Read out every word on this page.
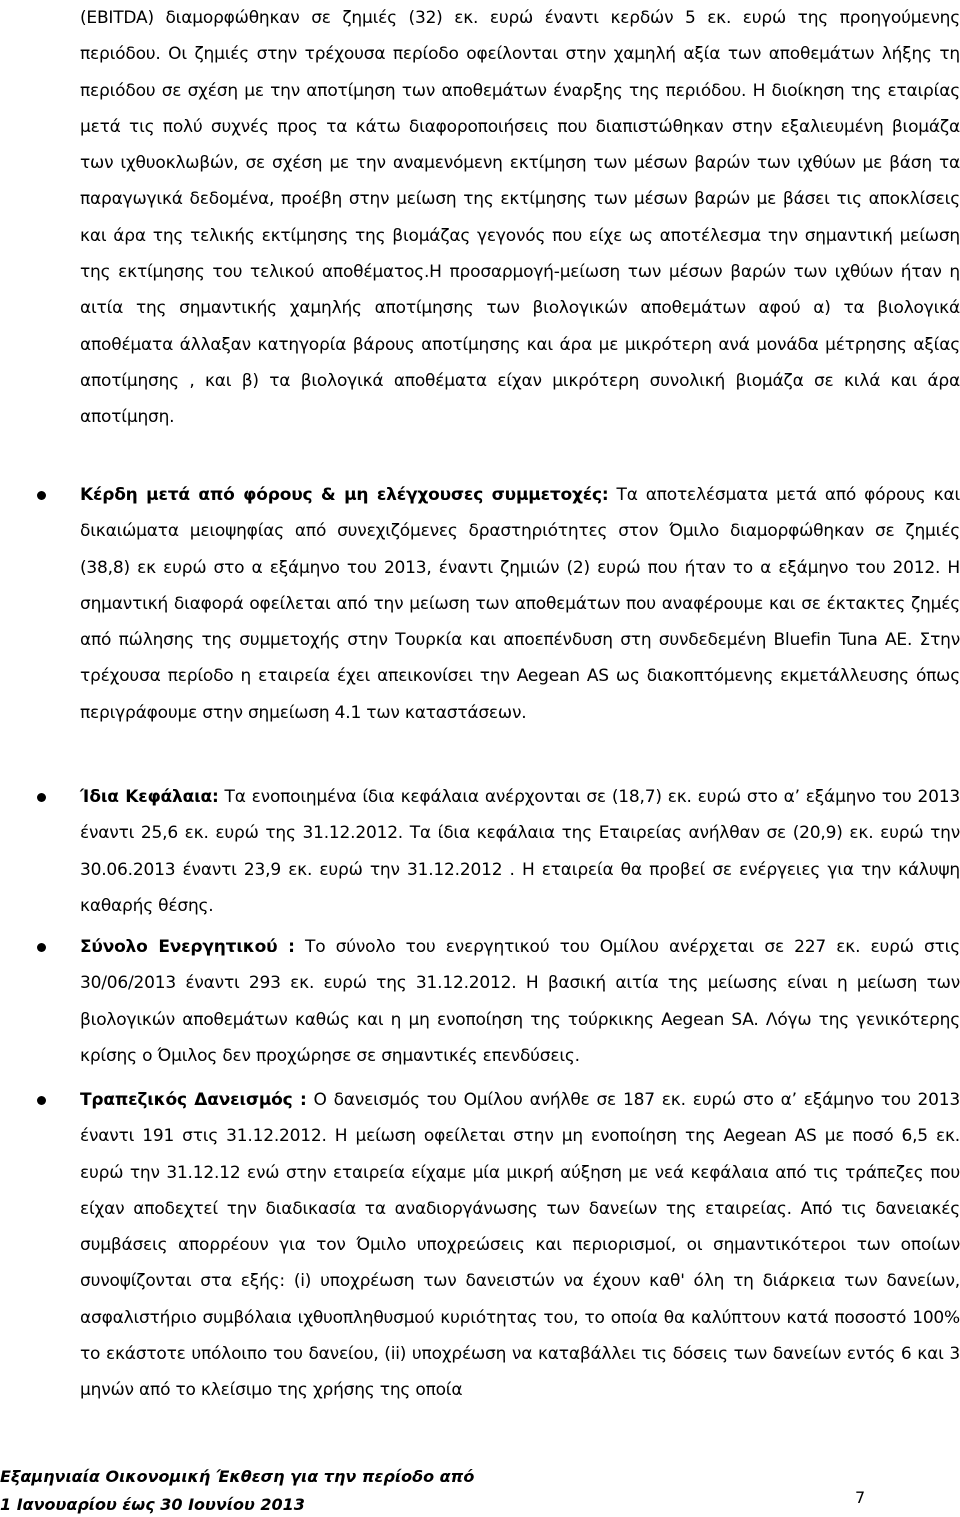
(EBITDA) διαμορφώθηκαν σε ζημιές (32) εκ. ευρώ έναντι κερδών 5 εκ. ευρώ της προηγούμενης περιόδου. Οι ζημιές στην τρέχουσα περίοδο οφείλονται στην χαμηλή αξία των αποθεμάτων λήξης τη περιόδου σε σχέση με την αποτίμηση των αποθεμάτων έναρξης της περιόδου. Η διοίκηση της εταιρίας μετά τις πολύ συχνές προς τα κάτω διαφοροποιήσεις που διαπιστώθηκαν στην εξαλιευμένη βιομάζα των ιχθυοκλωβών, σε σχέση με την αναμενόμενη εκτίμηση των μέσων βαρών των ιχθύων με βάση τα παραγωγικά δεδομένα, προέβη στην μείωση της εκτίμησης των μέσων βαρών με βάσει τις αποκλίσεις και άρα της τελικής εκτίμησης της βιομάζας γεγονός που είχε ως αποτέλεσμα την σημαντική μείωση της εκτίμησης του τελικού αποθέματος.Η προσαρμογή-μείωση των μέσων βαρών των ιχθύων ήταν η αιτία της σημαντικής χαμηλής αποτίμησης των βιολογικών αποθεμάτων αφού α) τα βιολογικά αποθέματα άλλαξαν κατηγορία βάρους αποτίμησης και άρα με μικρότερη ανά μονάδα μέτρησης αξίας αποτίμησης , και β) τα βιολογικά αποθέματα είχαν μικρότερη συνολική βιομάζα σε κιλά και άρα αποτίμηση.

Κέρδη μετά από φόρους & μη ελέγχουσες συμμετοχές: Τα αποτελέσματα μετά από φόρους και δικαιώματα μειοψηφίας από συνεχιζόμενες δραστηριότητες στον Όμιλο διαμορφώθηκαν σε ζημιές (38,8) εκ ευρώ στο α εξάμηνο του 2013, έναντι ζημιών (2) ευρώ που ήταν το α εξάμηνο του 2012. Η σημαντική διαφορά οφείλεται από την μείωση των αποθεμάτων που αναφέρουμε και σε έκτακτες ζημές από πώλησης της συμμετοχής στην Τουρκία και αποεπένδυση στη συνδεδεμένη Bluefin Tuna AE. Στην τρέχουσα περίοδο η εταιρεία έχει απεικονίσει την Aegean AS ως διακοπτόμενης εκμετάλλευσης όπως περιγράφουμε στην σημείωση 4.1 των καταστάσεων.

Ίδια Κεφάλαια: Τα ενοποιημένα ίδια κεφάλαια ανέρχονται σε (18,7) εκ. ευρώ στο α’ εξάμηνο του 2013 έναντι 25,6 εκ. ευρώ της 31.12.2012. Τα ίδια κεφάλαια της Εταιρείας ανήλθαν σε (20,9) εκ. ευρώ την 30.06.2013 έναντι 23,9 εκ. ευρώ την 31.12.2012 . Η εταιρεία θα προβεί σε ενέργειες για την κάλυψη καθαρής θέσης.

Σύνολο Ενεργητικού : Το σύνολο του ενεργητικού του Ομίλου ανέρχεται σε 227 εκ. ευρώ στις 30/06/2013 έναντι 293 εκ. ευρώ της 31.12.2012. Η βασική αιτία της μείωσης είναι η μείωση των βιολογικών αποθεμάτων καθώς και η μη ενοποίηση της τούρκικης Aegean SA. Λόγω της γενικότερης κρίσης ο Όμιλος δεν προχώρησε σε σημαντικές επενδύσεις.

Τραπεζικός Δανεισμός : Ο δανεισμός του Ομίλου ανήλθε σε 187 εκ. ευρώ στο α’ εξάμηνο του 2013 έναντι 191 στις 31.12.2012. Η μείωση οφείλεται στην μη ενοποίηση της Aegean AS με ποσό 6,5 εκ. ευρώ την 31.12.12 ενώ στην εταιρεία είχαμε μία μικρή αύξηση με νεά κεφάλαια από τις τράπεζες που είχαν αποδεχτεί την διαδικασία τα αναδιοργάνωσης των δανείων της εταιρείας. Από τις δανειακές συμβάσεις απορρέουν για τον Όμιλο υποχρεώσεις και περιορισμοί, οι σημαντικότεροι των οποίων συνοψίζονται στα εξής: (i) υποχρέωση των δανειστών να έχουν καθ' όλη τη διάρκεια των δανείων, ασφαλιστήριο συμβόλαια ιχθυοπληθυσμού κυριότητας του, το οποία θα καλύπτουν κατά ποσοστό 100% το εκάστοτε υπόλοιπο του δανείου, (ii) υποχρέωση να καταβάλλει τις δόσεις των δανείων εντός 6 και 3 μηνών από το κλείσιμο της χρήσης της οποία

Εξαμηνιαία Οικονομική Έκθεση για την περίοδο από
1 Ιανουαρίου έως 30 Ιουνίου 2013	7
